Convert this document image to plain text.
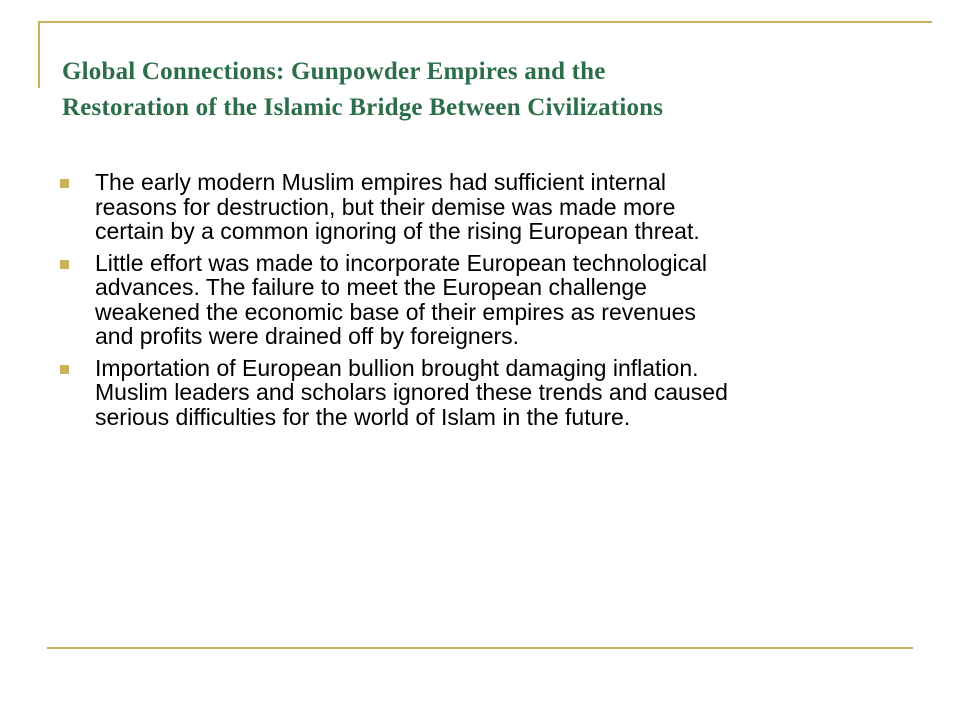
Global Connections: Gunpowder Empires and the
Restoration of the Islamic Bridge Between Civilizations
The early modern Muslim empires had sufficient internal
reasons for destruction, but their demise was made more
certain by a common ignoring of the rising European threat.
Little effort was made to incorporate European technological
advances. The failure to meet the European challenge
weakened the economic base of their empires as revenues
and profits were drained off by foreigners.
Importation of European bullion brought damaging inflation.
Muslim leaders and scholars ignored these trends and caused
serious difficulties for the world of Islam in the future.
